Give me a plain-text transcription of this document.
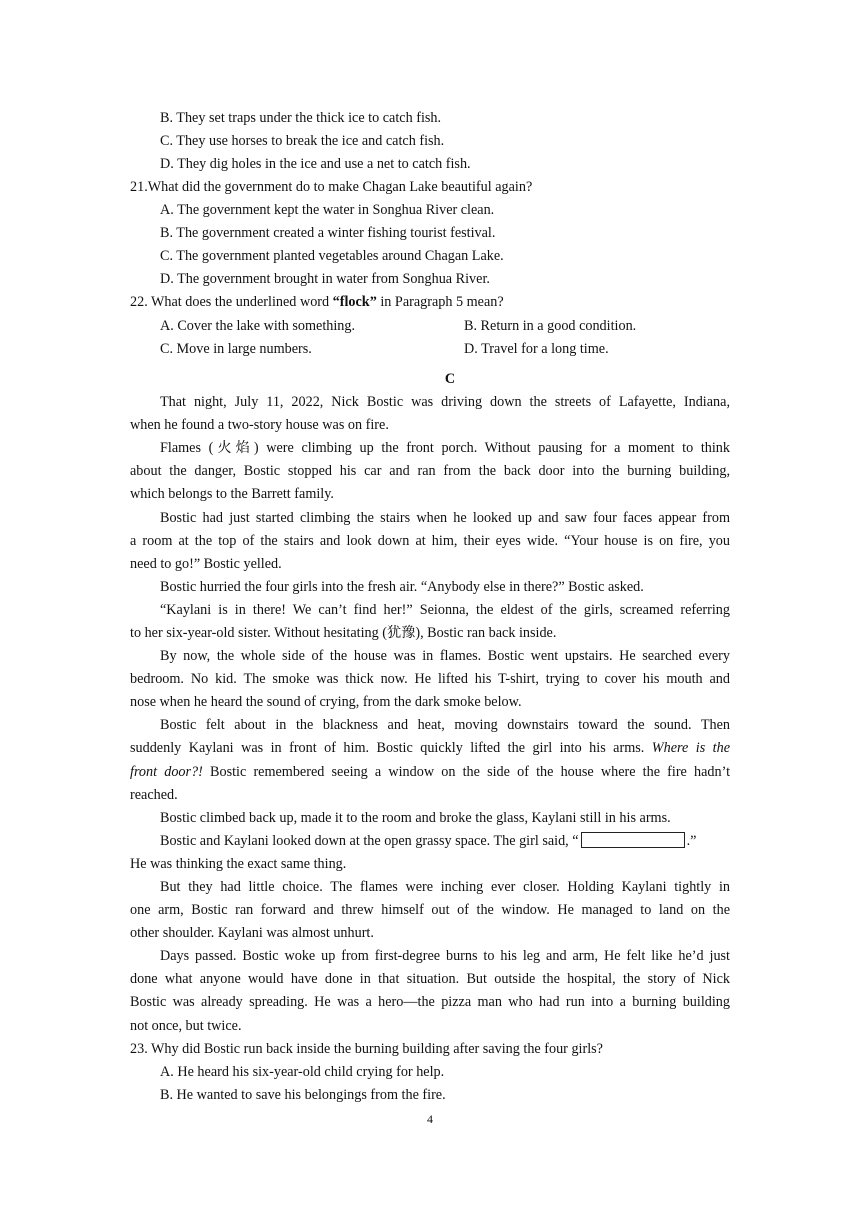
B. They set traps under the thick ice to catch fish.
C. They use horses to break the ice and catch fish.
D. They dig holes in the ice and use a net to catch fish.
21.What did the government do to make Chagan Lake beautiful again?
A. The government kept the water in Songhua River clean.
B. The government created a winter fishing tourist festival.
C. The government planted vegetables around Chagan Lake.
D. The government brought in water from Songhua River.
22. What does the underlined word “flock” in Paragraph 5 mean?
A. Cover the lake with something.	B. Return in a good condition.
C. Move in large numbers.	D. Travel for a long time.
C
That night, July 11, 2022, Nick Bostic was driving down the streets of Lafayette, Indiana,
when he found a two-story house was on fire.
Flames (火焰) were climbing up the front porch. Without pausing for a moment to think
about the danger, Bostic stopped his car and ran from the back door into the burning building,
which belongs to the Barrett family.
Bostic had just started climbing the stairs when he looked up and saw four faces appear from
a room at the top of the stairs and look down at him, their eyes wide. “Your house is on fire, you
need to go!” Bostic yelled.
Bostic hurried the four girls into the fresh air. “Anybody else in there?” Bostic asked.
“Kaylani is in there! We can’t find her!” Seionna, the eldest of the girls, screamed referring
to her six-year-old sister. Without hesitating (犹豫), Bostic ran back inside.
By now, the whole side of the house was in flames. Bostic went upstairs. He searched every
bedroom. No kid. The smoke was thick now. He lifted his T-shirt, trying to cover his mouth and
nose when he heard the sound of crying, from the dark smoke below.
Bostic felt about in the blackness and heat, moving downstairs toward the sound. Then
suddenly Kaylani was in front of him. Bostic quickly lifted the girl into his arms. Where is the
front door?! Bostic remembered seeing a window on the side of the house where the fire hadn’t
reached.
Bostic climbed back up, made it to the room and broke the glass, Kaylani still in his arms.
Bostic and Kaylani looked down at the open grassy space. The girl said, “	.”
He was thinking the exact same thing.
But they had little choice. The flames were inching ever closer. Holding Kaylani tightly in
one arm, Bostic ran forward and threw himself out of the window. He managed to land on the
other shoulder. Kaylani was almost unhurt.
Days passed. Bostic woke up from first-degree burns to his leg and arm, He felt like he’d just
done what anyone would have done in that situation. But outside the hospital, the story of Nick
Bostic was already spreading. He was a hero—the pizza man who had run into a burning building
not once, but twice.
23. Why did Bostic run back inside the burning building after saving the four girls?
A. He heard his six-year-old child crying for help.
B. He wanted to save his belongings from the fire.
4
